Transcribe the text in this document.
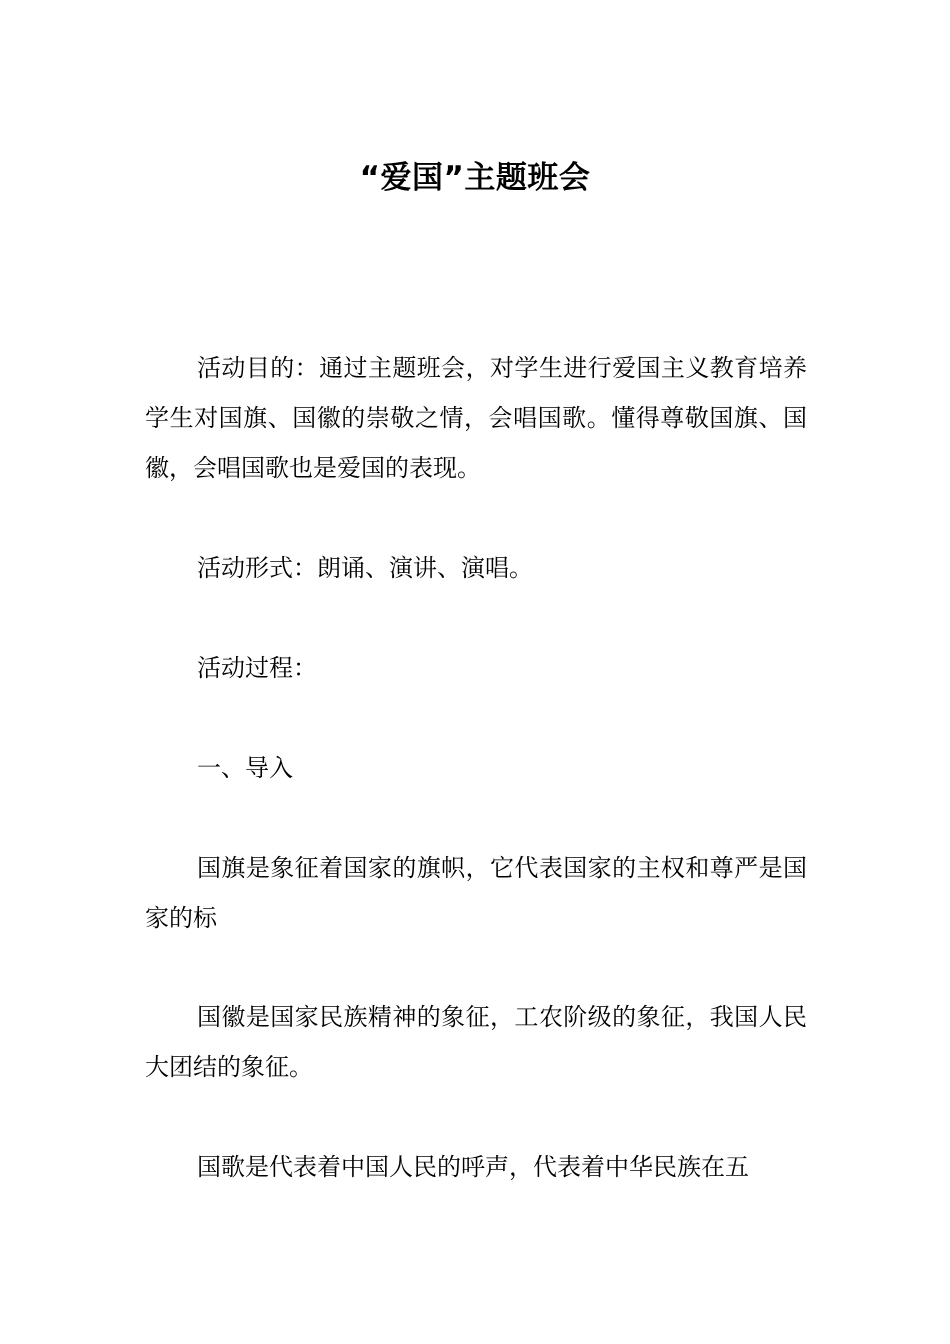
“爱国”主题班会

活动目的：通过主题班会，对学生进行爱国主义教育培养学生对国旗、国徽的崇敬之情，会唱国歌。懂得尊敬国旗、国徽，会唱国歌也是爱国的表现。

活动形式：朗诵、演讲、演唱。

活动过程：

一、导入

国旗是象征着国家的旗帜，它代表国家的主权和尊严是国家的标

国徽是国家民族精神的象征，工农阶级的象征，我国人民大团结的象征。

国歌是代表着中国人民的呼声，代表着中华民族在五
